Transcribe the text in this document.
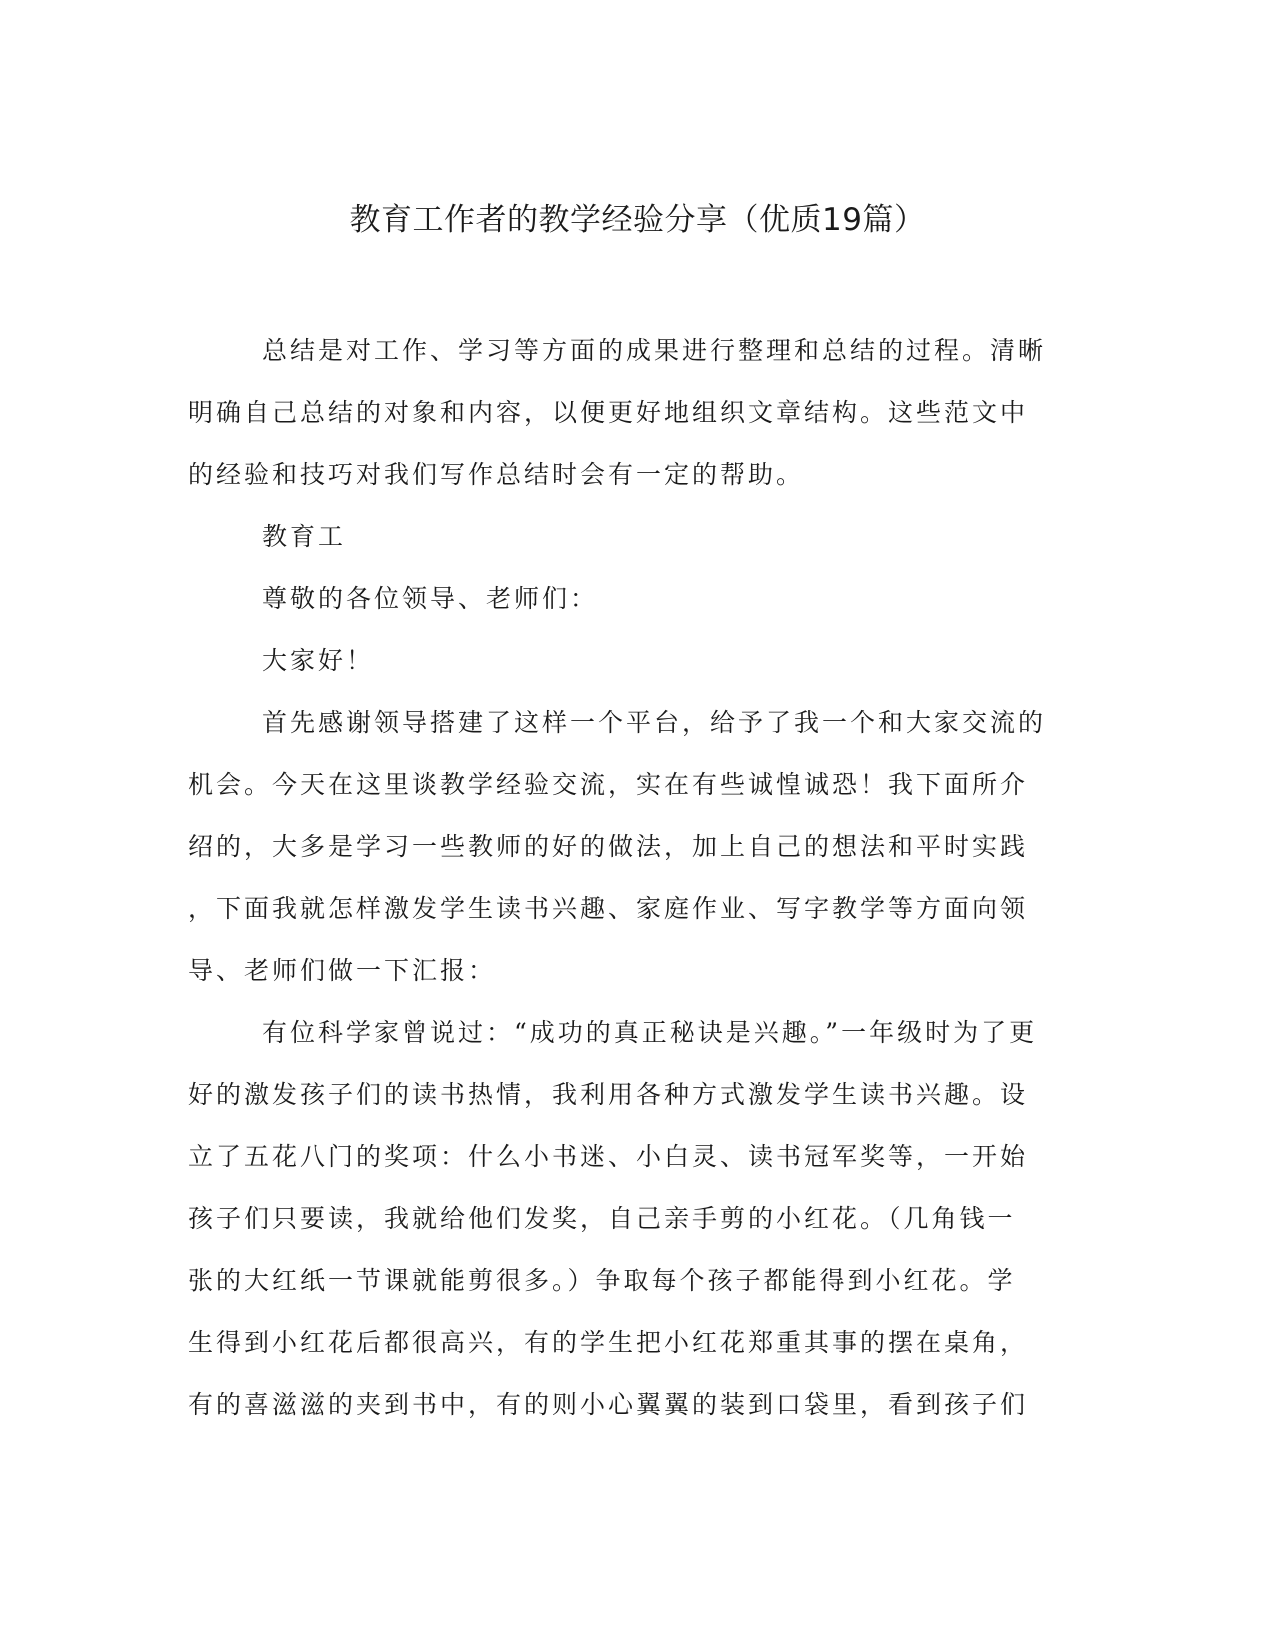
教育工作者的教学经验分享（优质19篇）
总结是对工作、学习等方面的成果进行整理和总结的过程。清晰
明确自己总结的对象和内容，以便更好地组织文章结构。这些范文中
的经验和技巧对我们写作总结时会有一定的帮助。
教育工
尊敬的各位领导、老师们：
大家好！
首先感谢领导搭建了这样一个平台，给予了我一个和大家交流的
机会。今天在这里谈教学经验交流，实在有些诚惶诚恐！我下面所介
绍的，大多是学习一些教师的好的做法，加上自己的想法和平时实践
，下面我就怎样激发学生读书兴趣、家庭作业、写字教学等方面向领
导、老师们做一下汇报：
有位科学家曾说过：“成功的真正秘诀是兴趣。”一年级时为了更
好的激发孩子们的读书热情，我利用各种方式激发学生读书兴趣。设
立了五花八门的奖项：什么小书迷、小白灵、读书冠军奖等，一开始
孩子们只要读，我就给他们发奖，自己亲手剪的小红花。（几角钱一
张的大红纸一节课就能剪很多。）争取每个孩子都能得到小红花。学
生得到小红花后都很高兴，有的学生把小红花郑重其事的摆在桌角，
有的喜滋滋的夹到书中，有的则小心翼翼的装到口袋里，看到孩子们
